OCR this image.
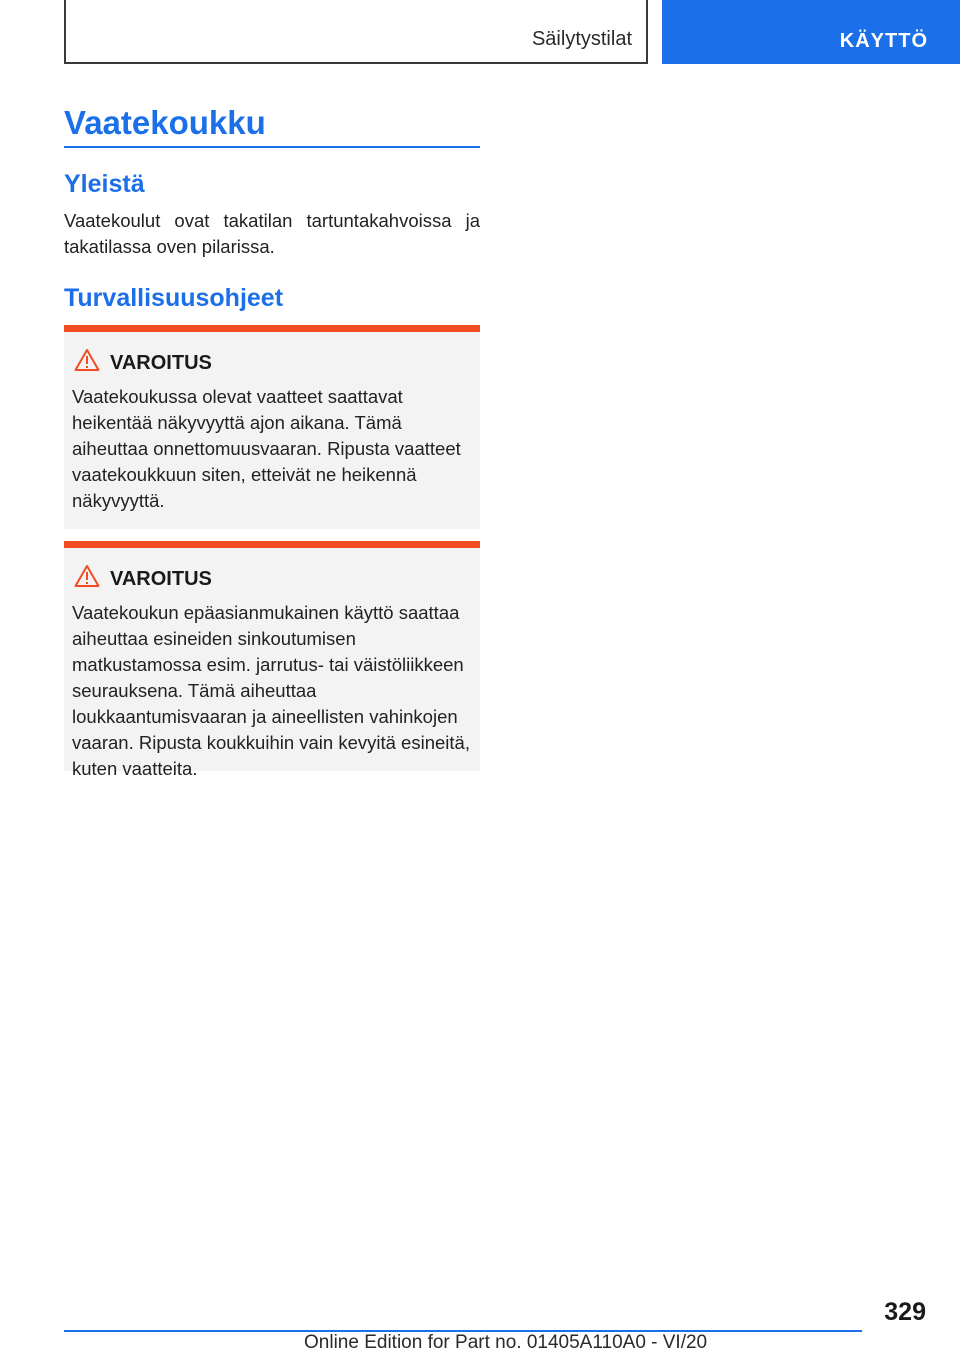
Säilytystilat	KÄYTTÖ
Vaatekoukku
Yleistä

Vaatekoulut ovat takatilan tartuntakahvoissa ja takatilassa oven pilarissa.

Turvallisuusohjeet
VAROITUS

Vaatekoukussa olevat vaatteet saattavat heikentää näkyvyyttä ajon aikana. Tämä aiheuttaa onnettomuusvaaran. Ripusta vaatteet vaatekoukkuun siten, etteivät ne heikennä näkyvyyttä.

VAROITUS

Vaatekoukun epäasianmukainen käyttö saattaa aiheuttaa esineiden sinkoutumisen matkustamossa esim. jarrutus- tai väistöliikkeen seurauksena. Tämä aiheuttaa loukkaantumisvaaran ja aineellisten vahinkojen vaaran. Ripusta koukkuihin vain kevyitä esineitä, kuten vaatteita.

329
Online Edition for Part no. 01405A110A0 - VI/20
